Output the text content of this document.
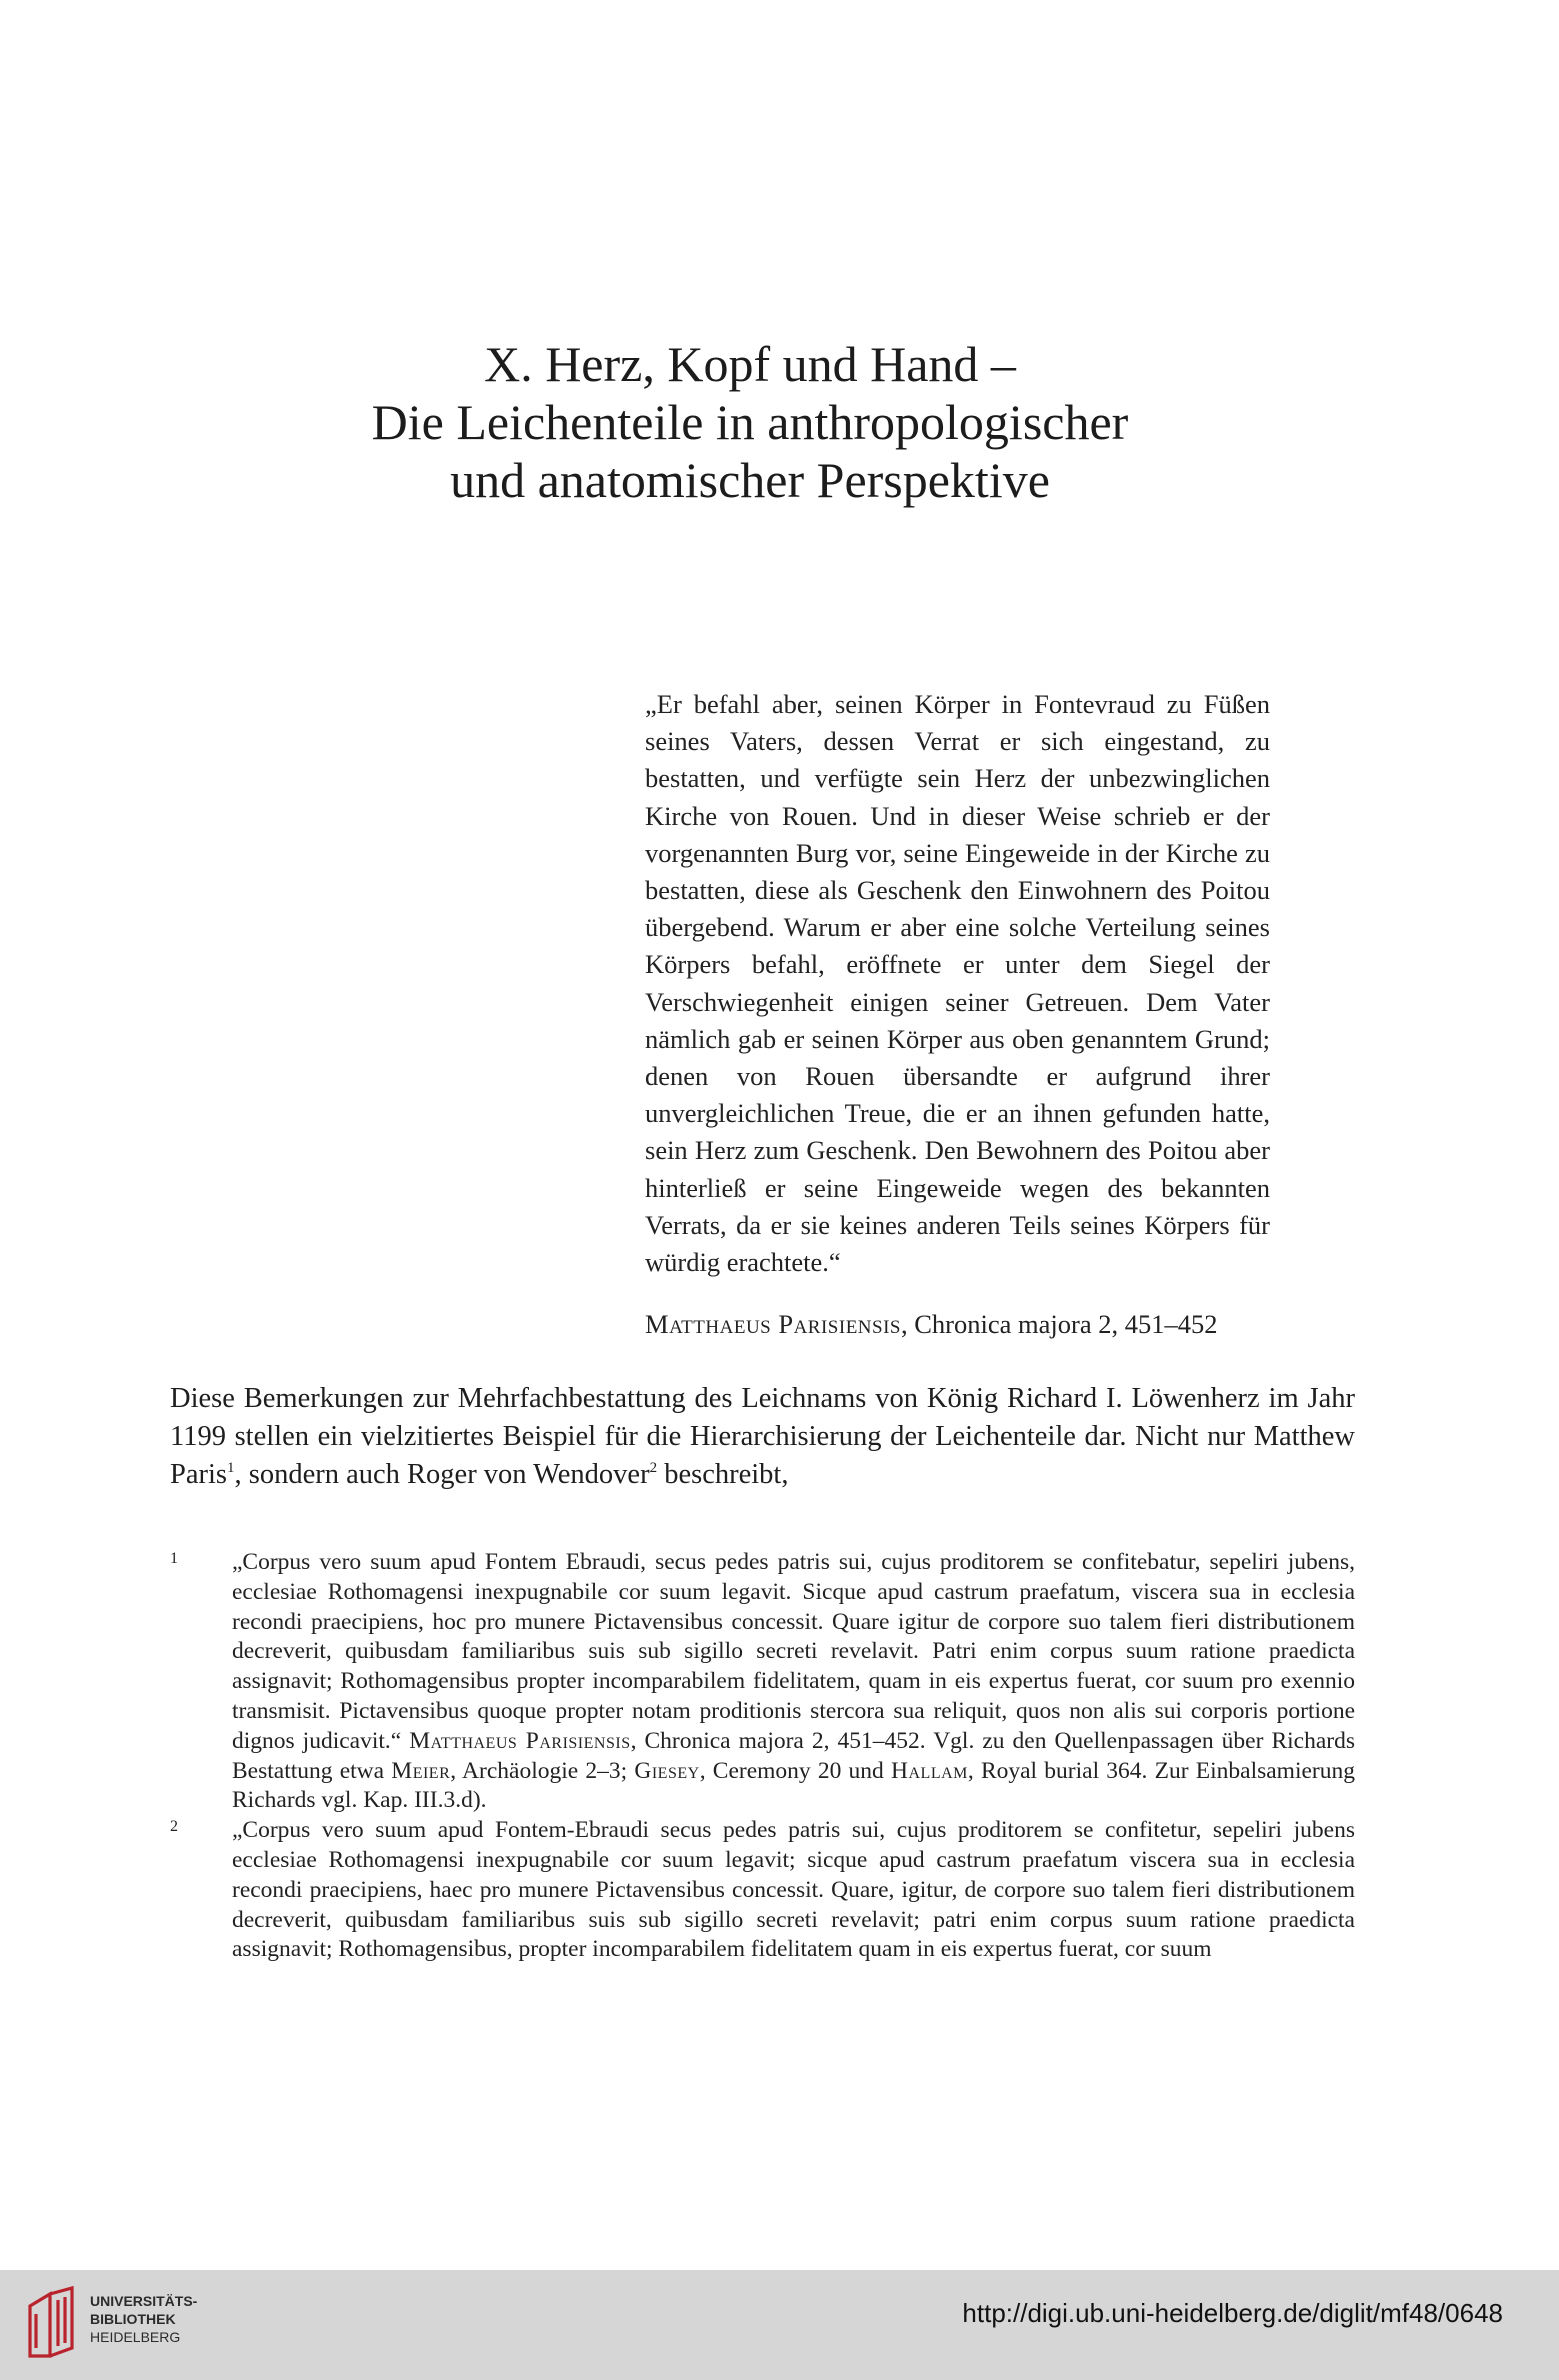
X. Herz, Kopf und Hand –
Die Leichenteile in anthropologischer
und anatomischer Perspektive

„Er befahl aber, seinen Körper in Fontevraud zu Füßen seines Vaters, dessen Verrat er sich eingestand, zu bestatten, und verfügte sein Herz der unbezwinglichen Kirche von Rouen. Und in dieser Weise schrieb er der vorgenannten Burg vor, seine Eingeweide in der Kirche zu bestatten, diese als Geschenk den Einwohnern des Poitou übergebend. Warum er aber eine solche Verteilung seines Körpers befahl, eröffnete er unter dem Siegel der Verschwiegenheit einigen seiner Getreuen. Dem Vater nämlich gab er seinen Körper aus oben genanntem Grund; denen von Rouen übersandte er aufgrund ihrer unvergleichlichen Treue, die er an ihnen gefunden hatte, sein Herz zum Geschenk. Den Bewohnern des Poitou aber hinterließ er seine Eingeweide wegen des bekannten Verrats, da er sie keines anderen Teils seines Körpers für würdig erachtete.“

Matthaeus Parisiensis, Chronica majora 2, 451–452

Diese Bemerkungen zur Mehrfachbestattung des Leichnams von König Richard I. Löwenherz im Jahr 1199 stellen ein vielzitiertes Beispiel für die Hierarchisierung der Leichenteile dar. Nicht nur Matthew Paris$^1$, sondern auch Roger von Wendover$^2$ beschreibt,

1 „Corpus vero suum apud Fontem Ebraudi, secus pedes patris sui, cujus proditorem se confitebatur, sepeliri jubens, ecclesiae Rothomagensi inexpugnabile cor suum legavit. Sicque apud castrum praefatum, viscera sua in ecclesia recondi praecipiens, hoc pro munere Pictavensibus concessit. Quare igitur de corpore suo talem fieri distributionem decreverit, quibusdam familiaribus suis sub sigillo secreti revelavit. Patri enim corpus suum ratione praedicta assignavit; Rothomagensibus propter incomparabilem fidelitatem, quam in eis expertus fuerat, cor suum pro exennio transmisit. Pictavensibus quoque propter notam proditionis stercora sua reliquit, quos non alis sui corporis portione dignos judicavit.“ Matthaeus Parisiensis, Chronica majora 2, 451–452. Vgl. zu den Quellenpassagen über Richards Bestattung etwa Meier, Archäologie 2–3; Giesey, Ceremony 20 und Hallam, Royal burial 364. Zur Einbalsamierung Richards vgl. Kap. III.3.d).

2 „Corpus vero suum apud Fontem-Ebraudi secus pedes patris sui, cujus proditorem se confitetur, sepeliri jubens ecclesiae Rothomagensi inexpugnabile cor suum legavit; sicque apud castrum praefatum viscera sua in ecclesia recondi praecipiens, haec pro munere Pictavensibus concessit. Quare, igitur, de corpore suo talem fieri distributionem decreverit, quibusdam familiaribus suis sub sigillo secreti revelavit; patri enim corpus suum ratione praedicta assignavit; Rothomagensibus, propter incomparabilem fidelitatem quam in eis expertus fuerat, cor suum

UNIVERSITÄTS-
BIBLIOTHEK
HEIDELBERG
http://digi.ub.uni-heidelberg.de/diglit/mf48/0648
